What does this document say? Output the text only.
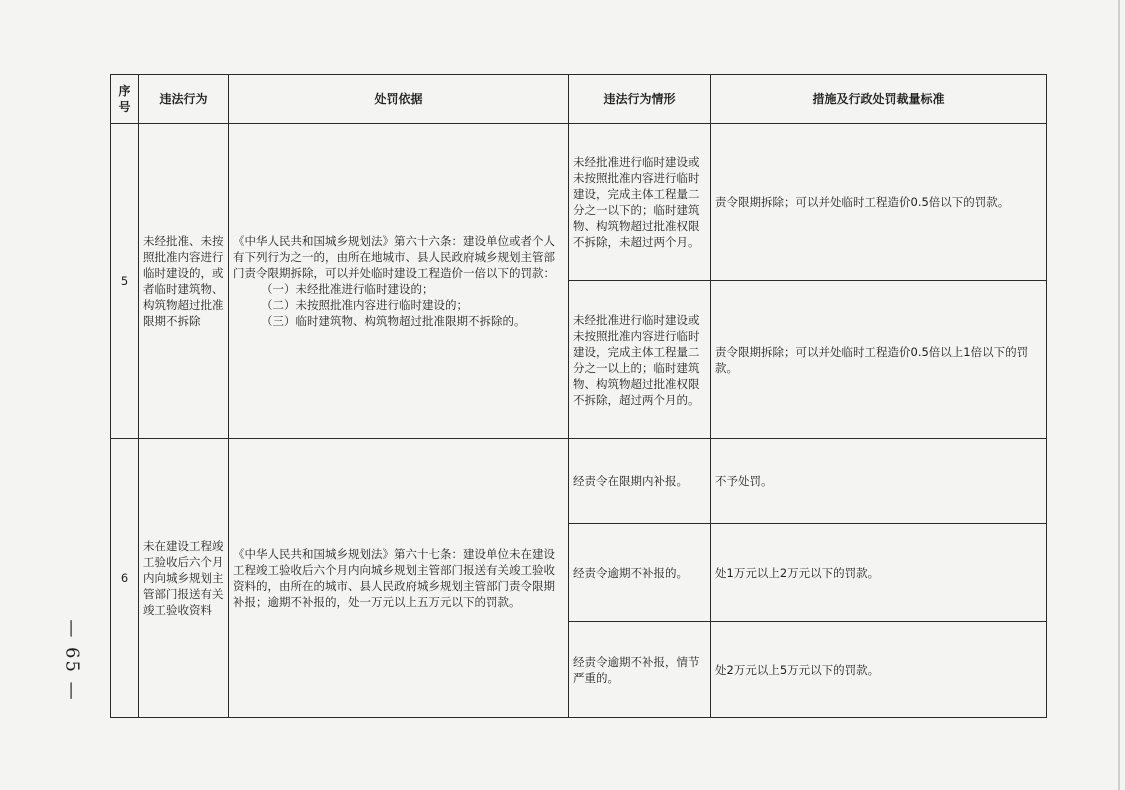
— 65 —
序号	违法行为	处罚依据	违法行为情形	措施及行政处罚裁量标准
5	未经批准、未按照批准内容进行临时建设的，或者临时建筑物、构筑物超过批准限期不拆除	《中华人民共和国城乡规划法》第六十六条：建设单位或者个人有下列行为之一的，由所在地城市、县人民政府城乡规划主管部门责令限期拆除，可以并处临时建设工程造价一倍以下的罚款：
（一）未经批准进行临时建设的；
（二）未按照批准内容进行临时建设的；
（三）临时建筑物、构筑物超过批准限期不拆除的。	未经批准进行临时建设或未按照批准内容进行临时建设，完成主体工程量二分之一以下的；临时建筑物、构筑物超过批准权限不拆除，未超过两个月。	责令限期拆除；可以并处临时工程造价0.5倍以下的罚款。
			未经批准进行临时建设或未按照批准内容进行临时建设，完成主体工程量二分之一以上的；临时建筑物、构筑物超过批准权限不拆除，超过两个月的。	责令限期拆除；可以并处临时工程造价0.5倍以上1倍以下的罚款。
6	未在建设工程竣工验收后六个月内向城乡规划主管部门报送有关竣工验收资料	《中华人民共和国城乡规划法》第六十七条：建设单位未在建设工程竣工验收后六个月内向城乡规划主管部门报送有关竣工验收资料的，由所在的城市、县人民政府城乡规划主管部门责令限期补报；逾期不补报的，处一万元以上五万元以下的罚款。	经责令在限期内补报。	不予处罚。
			经责令逾期不补报的。	处1万元以上2万元以下的罚款。
			经责令逾期不补报，情节严重的。	处2万元以上5万元以下的罚款。
